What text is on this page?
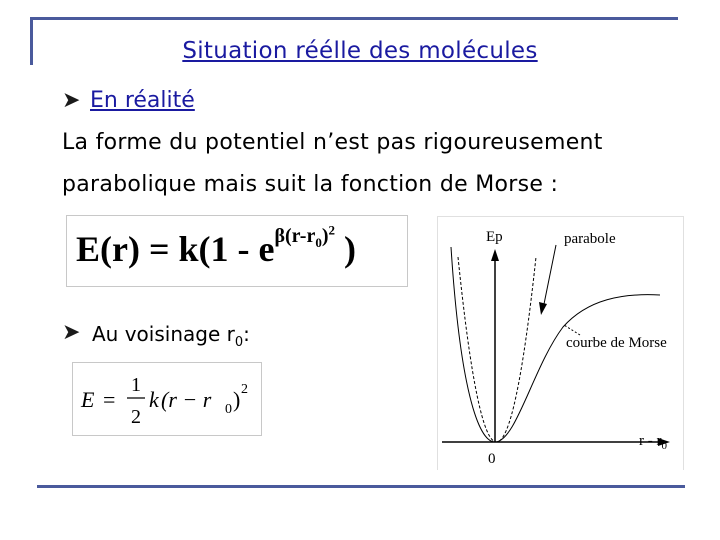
Situation réélle des molécules
➤ En réalité
La forme du potentiel n’est pas rigoureusement
parabolique mais suit la fonction de Morse :
$E(r) = k(1 - e^{\beta(r-r_0)^2}$ )
➤ Au voisinage $r_0$:
E =
1
2
k (r − r 0 ) 2
Ep	parabole
courbe de Morse
0
r - $r_0$
